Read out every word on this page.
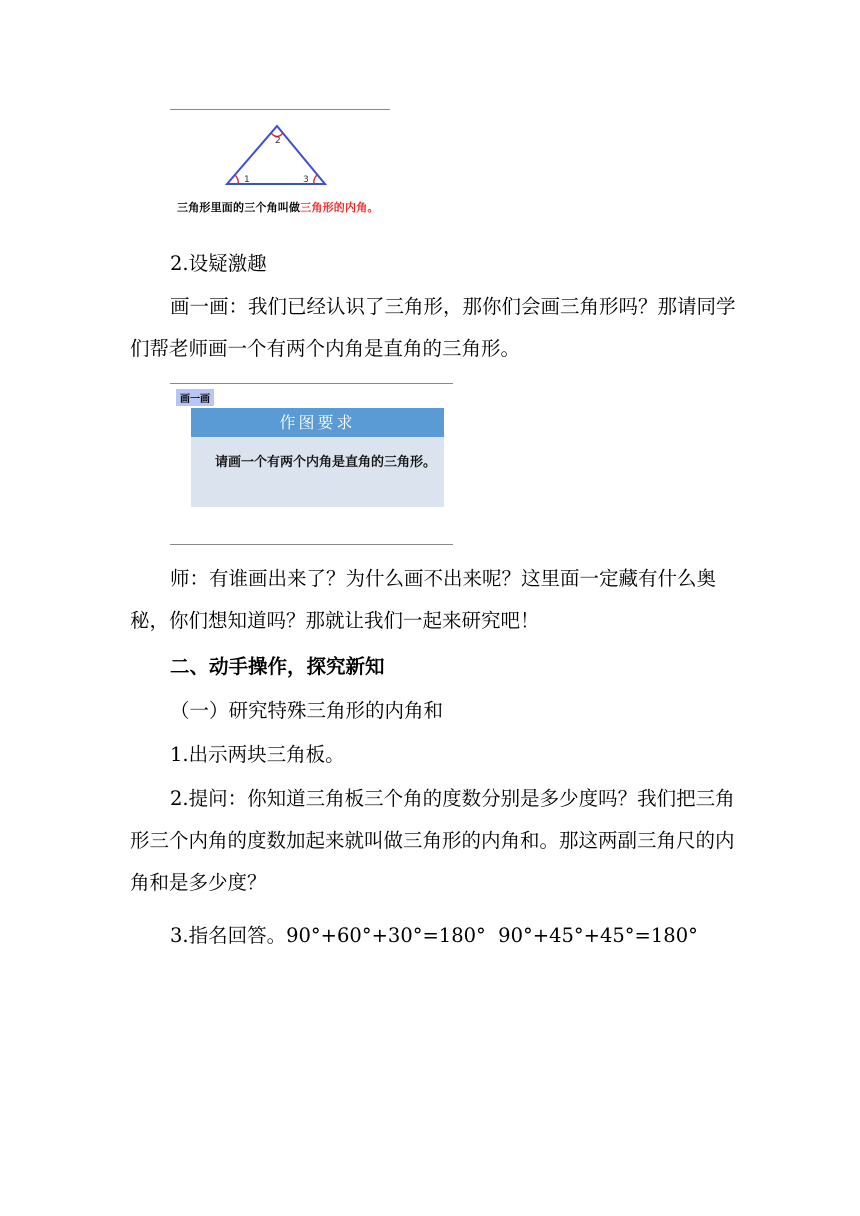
2
1	3
三角形里面的三个角叫做三角形的内角。
2.设疑激趣
画一画：我们已经认识了三角形，那你们会画三角形吗？那请同学们帮老师画一个有两个内角是直角的三角形。
画一画
作图要求
请画一个有两个内角是直角的三角形。
师：有谁画出来了？为什么画不出来呢？这里面一定藏有什么奥秘，你们想知道吗？那就让我们一起来研究吧！
二、动手操作，探究新知
（一）研究特殊三角形的内角和
1.出示两块三角板。
2.提问：你知道三角板三个角的度数分别是多少度吗？我们把三角形三个内角的度数加起来就叫做三角形的内角和。那这两副三角尺的内角和是多少度？
3.指名回答。90°+60°+30°=180°  90°+45°+45°=180°
